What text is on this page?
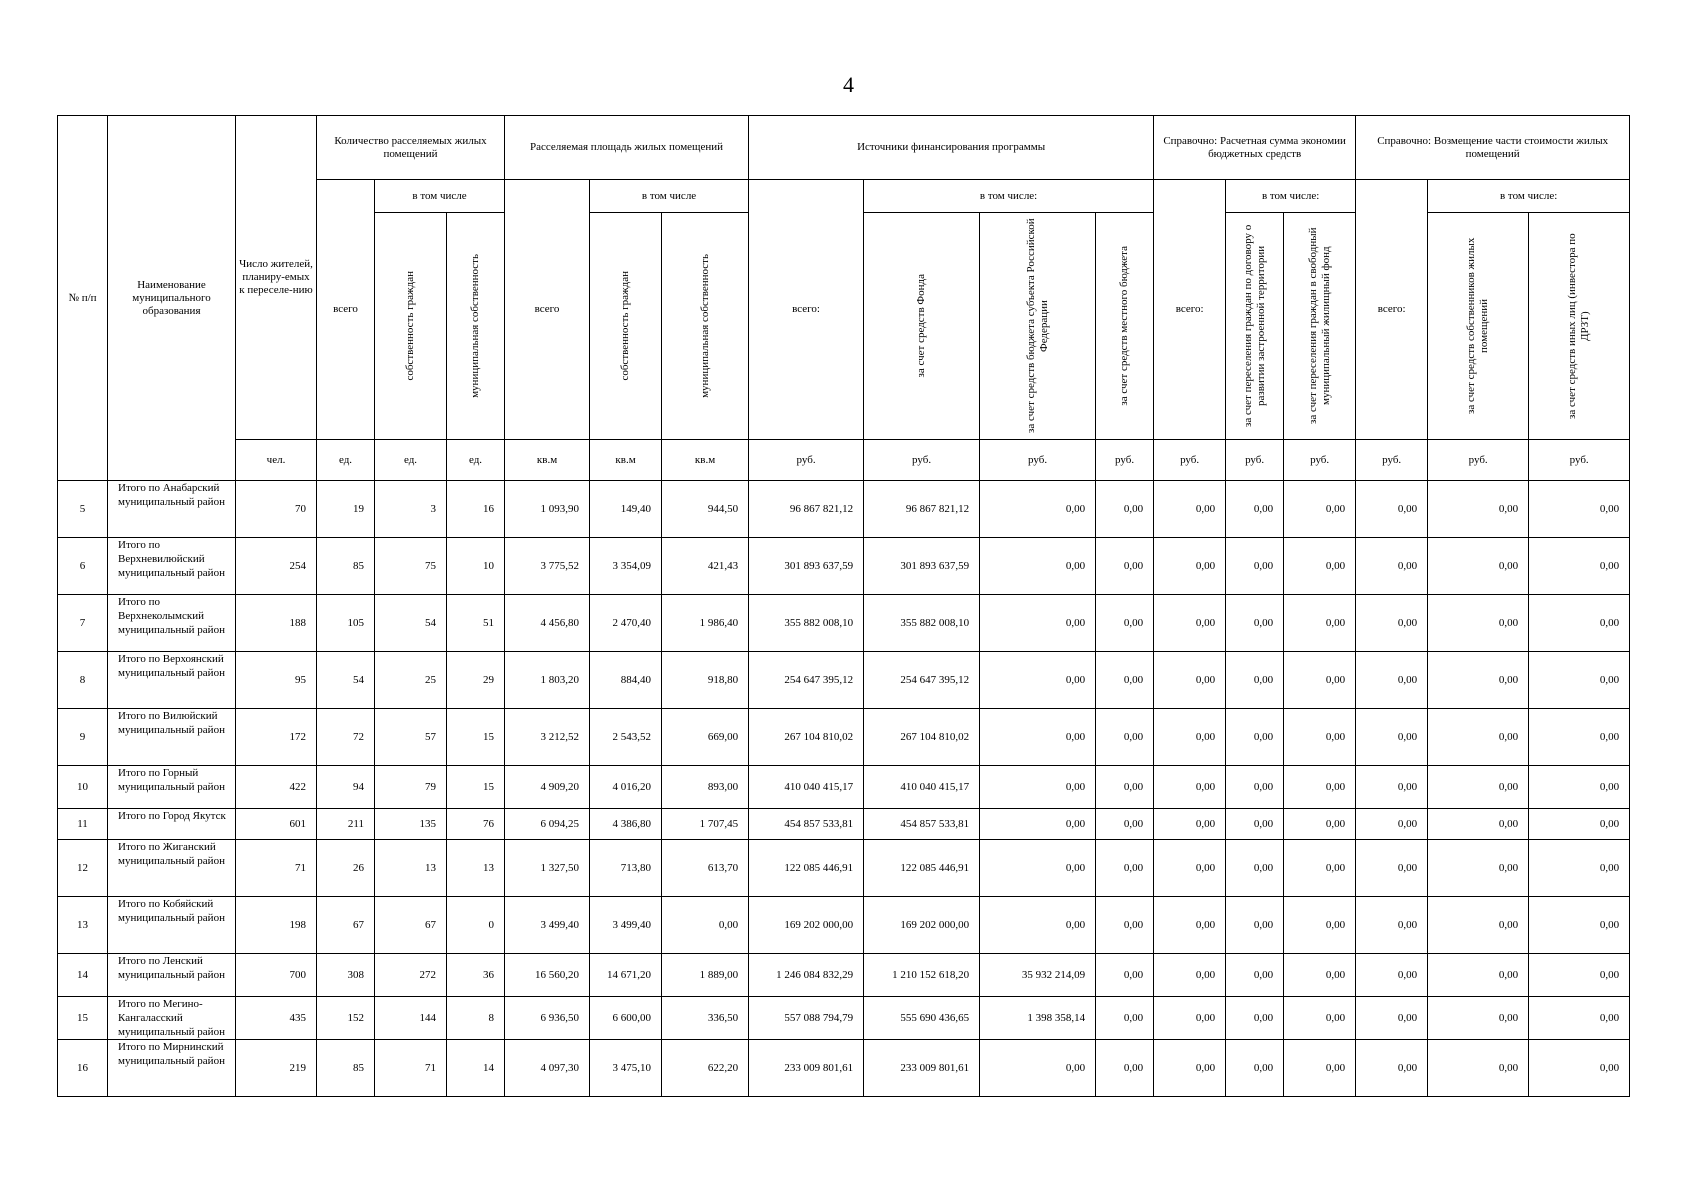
4
№ п/п	Наименование муниципального образования	Число жителей, планиру-емых к переселе-нию	Количество расселяемых жилых помещений			Расселяемая площадь жилых помещений			Источники финансирования программы				Справочно: Расчетная сумма экономии бюджетных средств			Справочно: Возмещение части стоимости жилых помещений		
			всего	в том числе		всего	в том числе		всего:	в том числе:			всего:	в том числе:		всего:	в том числе:	

				собственность граждан	муниципальная собственность		собственность граждан	муниципальная собственность		за счет средств Фонда	за счет средств бюджета субъекта Российской Федерации	за счет средств местного бюджета		за счет переселения граждан по договору о развитии застроенной территории	за счет переселения граждан в свободный муниципальный жилищный фонд		за счет средств собственников жилых помещений	за счет средств иных лиц (инвестора по ДРЗТ)

		чел.	ед.	ед.	ед.	кв.м	кв.м	кв.м	руб.	руб.	руб.	руб.	руб.	руб.	руб.	руб.	руб.	руб.
5	Итого по Анабарский муниципальный район	70	19	3	16	1 093,90	149,40	944,50	96 867 821,12	96 867 821,12	0,00	0,00	0,00	0,00	0,00	0,00	0,00	0,00
6	Итого по Верхневилюйский муниципальный район	254	85	75	10	3 775,52	3 354,09	421,43	301 893 637,59	301 893 637,59	0,00	0,00	0,00	0,00	0,00	0,00	0,00	0,00
7	Итого по Верхнеколымский муниципальный район	188	105	54	51	4 456,80	2 470,40	1 986,40	355 882 008,10	355 882 008,10	0,00	0,00	0,00	0,00	0,00	0,00	0,00	0,00
8	Итого по Верхоянский муниципальный район	95	54	25	29	1 803,20	884,40	918,80	254 647 395,12	254 647 395,12	0,00	0,00	0,00	0,00	0,00	0,00	0,00	0,00
9	Итого по Вилюйский муниципальный район	172	72	57	15	3 212,52	2 543,52	669,00	267 104 810,02	267 104 810,02	0,00	0,00	0,00	0,00	0,00	0,00	0,00	0,00
10	Итого по Горный муниципальный район	422	94	79	15	4 909,20	4 016,20	893,00	410 040 415,17	410 040 415,17	0,00	0,00	0,00	0,00	0,00	0,00	0,00	0,00
11	Итого по Город Якутск	601	211	135	76	6 094,25	4 386,80	1 707,45	454 857 533,81	454 857 533,81	0,00	0,00	0,00	0,00	0,00	0,00	0,00	0,00
12	Итого по Жиганский муниципальный район	71	26	13	13	1 327,50	713,80	613,70	122 085 446,91	122 085 446,91	0,00	0,00	0,00	0,00	0,00	0,00	0,00	0,00
13	Итого по Кобяйский муниципальный район	198	67	67	0	3 499,40	3 499,40	0,00	169 202 000,00	169 202 000,00	0,00	0,00	0,00	0,00	0,00	0,00	0,00	0,00
14	Итого по Ленский муниципальный район	700	308	272	36	16 560,20	14 671,20	1 889,00	1 246 084 832,29	1 210 152 618,20	35 932 214,09	0,00	0,00	0,00	0,00	0,00	0,00	0,00
15	Итого по Мегино-Кангаласский муниципальный район	435	152	144	8	6 936,50	6 600,00	336,50	557 088 794,79	555 690 436,65	1 398 358,14	0,00	0,00	0,00	0,00	0,00	0,00	0,00
16	Итого по Мирнинский муниципальный район	219	85	71	14	4 097,30	3 475,10	622,20	233 009 801,61	233 009 801,61	0,00	0,00	0,00	0,00	0,00	0,00	0,00	0,00
